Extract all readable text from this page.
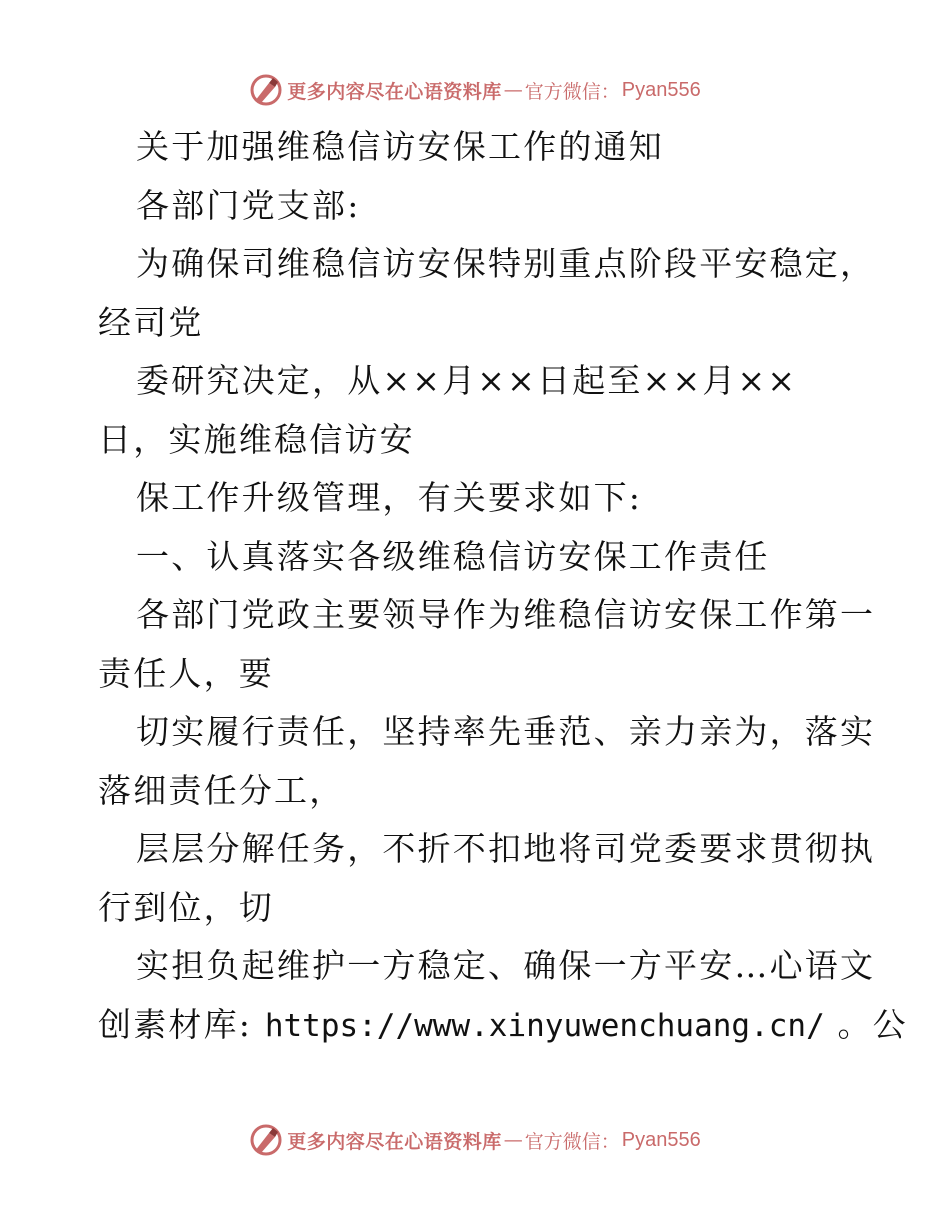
更多内容尽在心语资料库 — 官方微信： Pyan556
关于加强维稳信访安保工作的通知
各部门党支部:
为确保司维稳信访安保特别重点阶段平安稳定，
经司党
委研究决定，从××月××日起至××月××
日，实施维稳信访安
保工作升级管理，有关要求如下:
一、认真落实各级维稳信访安保工作责任
各部门党政主要领导作为维稳信访安保工作第一
责任人，要
切实履行责任，坚持率先垂范、亲力亲为，落实
落细责任分工，
层层分解任务，不折不扣地将司党委要求贯彻执
行到位，切
实担负起维护一方稳定、确保一方平安…心语文
创素材库: https://www.xinyuwenchuang.cn/ 。公
更多内容尽在心语资料库 — 官方微信： Pyan556
